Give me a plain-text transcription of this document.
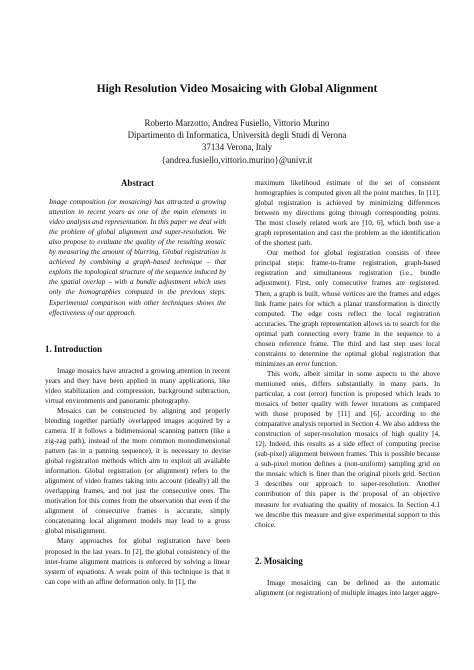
High Resolution Video Mosaicing with Global Alignment
Roberto Marzotto, Andrea Fusiello, Vittorio Murino
Dipartimento di Informatica, Università degli Studi di Verona
37134 Verona, Italy
{andrea.fusiello,vittorio.murino}@univr.it
Abstract

Image composition (or mosaicing) has attracted a growing attention in recent years as one of the main elements in video analysis and representation. In this paper we deal with the problem of global alignment and super-resolution. We also propose to evaluate the quality of the resulting mosaic by measuring the amount of blurring. Global registration is achieved by combining a graph-based technique – that exploits the topological structure of the sequence induced by the spatial overlap – with a bundle adjustment which uses only the homographies computed in the previous steps. Experimental comparison with other techniques shows the effectiveness of our approach.

1. Introduction

Image mosaics have attracted a growing attention in recent years and they have been applied in many applications, like video stabilization and compression, background subtraction, virtual environments and panoramic photography.

Mosaics can be constructed by aligning and properly blending together partially overlapped images acquired by a camera. If it follows a bidimensional scanning pattern (like a zig-zag path), instead of the more common monodimensional pattern (as in a panning sequence), it is necessary to devise global registration methods which aim to exploit all available information. Global registration (or alignment) refers to the alignment of video frames taking into account (ideally) all the overlapping frames, and not just the consecutive ones. The motivation for this comes from the observation that even if the alignment of consecutive frames is accurate, simply concatenating local alignment models may lead to a gross global misalignment.

Many approaches for global registration have been proposed in the last years. In [2], the global consistency of the inter-frame alignment matrices is enforced by solving a linear system of equations. A weak point of this technique is that it can cope with an affine deformation only. In [1], the

maximum likelihood estimate of the set of consistent homographies is computed given all the point matches. In [11], global registration is achieved by minimizing differences between my directions going through corresponding points. The most closely related work are [10, 6], which both use a graph representation and cast the problem as the identification of the shortest path.

Our method for global registration consists of three principal steps: frame-to-frame registration, graph-based registration and simultaneous registration (i.e., bundle adjustment). First, only consecutive frames are registered. Then, a graph is built, whose vertices are the frames and edges link frame pairs for which a planar transformation is directly computed. The edge costs reflect the local registration accuracies. The graph representation allows us to search for the optimal path connecting every frame in the sequence to a chosen reference frame. The third and last step uses local constraints to determine the optimal global registration that minimizes an error function.

This work, albeit similar in some aspects to the above mentioned ones, differs substantially in many parts. In particular, a cost (error) function is proposed which leads to mosaics of better quality with fewer iterations as compared with those proposed by [11] and [6], according to the comparative analysis reported in Section 4. We also address the construction of super-resolution mosaics of high quality [4, 12]. Indeed, this results as a side effect of computing precise (sub-pixel) alignment between frames. This is possible because a sub-pixel motion defines a (non-uniform) sampling grid on the mosaic which is finer than the original pixels grid. Section 3 describes our approach to super-resolution. Another contribution of this paper is the proposal of an objective measure for evaluating the quality of mosaics. In Section 4.1 we describe this measure and give experimental support to this choice.

2. Mosaicing

Image mosaicing can be defined as the automatic alignment (or registration) of multiple images into larger aggre-
